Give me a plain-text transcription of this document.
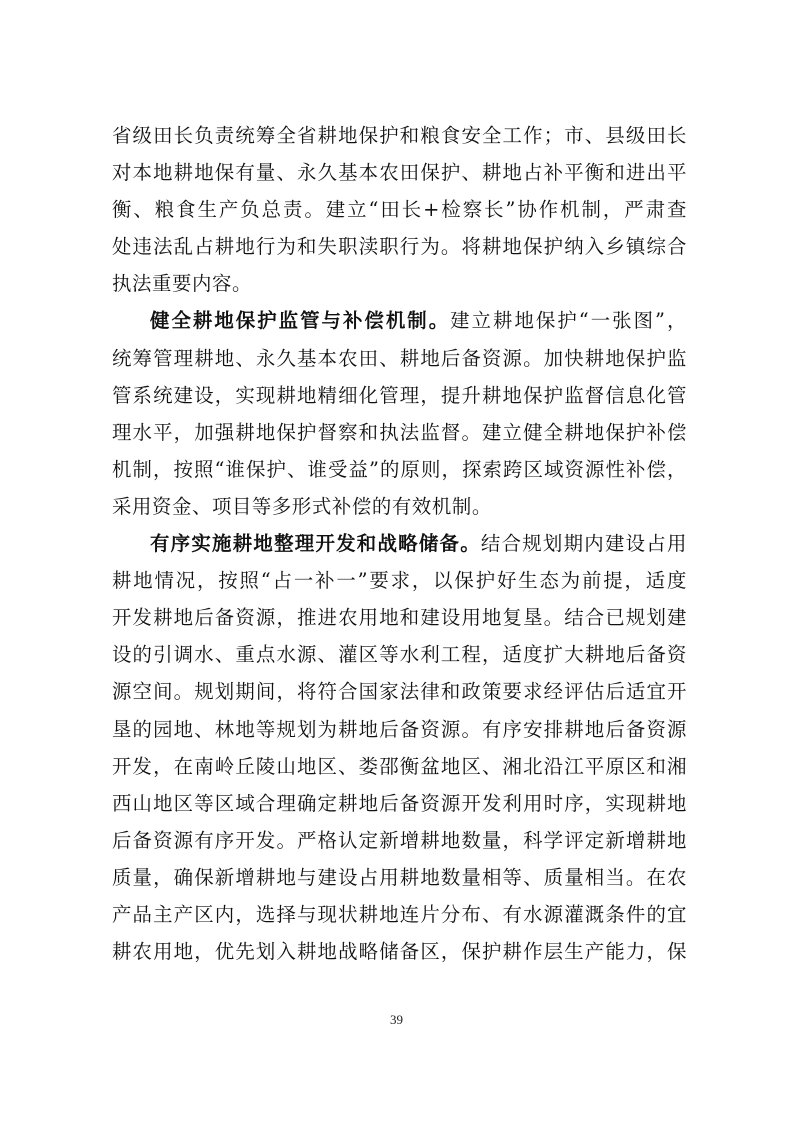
省级田长负责统筹全省耕地保护和粮食安全工作；市、县级田长
对本地耕地保有量、永久基本农田保护、耕地占补平衡和进出平
衡、粮食生产负总责。建立“田长+检察长”协作机制，严肃查
处违法乱占耕地行为和失职渎职行为。将耕地保护纳入乡镇综合
执法重要内容。
健全耕地保护监管与补偿机制。建立耕地保护“一张图”，
统筹管理耕地、永久基本农田、耕地后备资源。加快耕地保护监
管系统建设，实现耕地精细化管理，提升耕地保护监督信息化管
理水平，加强耕地保护督察和执法监督。建立健全耕地保护补偿
机制，按照“谁保护、谁受益”的原则，探索跨区域资源性补偿，
采用资金、项目等多形式补偿的有效机制。
有序实施耕地整理开发和战略储备。结合规划期内建设占用
耕地情况，按照“占一补一”要求，以保护好生态为前提，适度
开发耕地后备资源，推进农用地和建设用地复垦。结合已规划建
设的引调水、重点水源、灌区等水利工程，适度扩大耕地后备资
源空间。规划期间，将符合国家法律和政策要求经评估后适宜开
垦的园地、林地等规划为耕地后备资源。有序安排耕地后备资源
开发，在南岭丘陵山地区、娄邵衡盆地区、湘北沿江平原区和湘
西山地区等区域合理确定耕地后备资源开发利用时序，实现耕地
后备资源有序开发。严格认定新增耕地数量，科学评定新增耕地
质量，确保新增耕地与建设占用耕地数量相等、质量相当。在农
产品主产区内，选择与现状耕地连片分布、有水源灌溉条件的宜
耕农用地，优先划入耕地战略储备区，保护耕作层生产能力，保
39
